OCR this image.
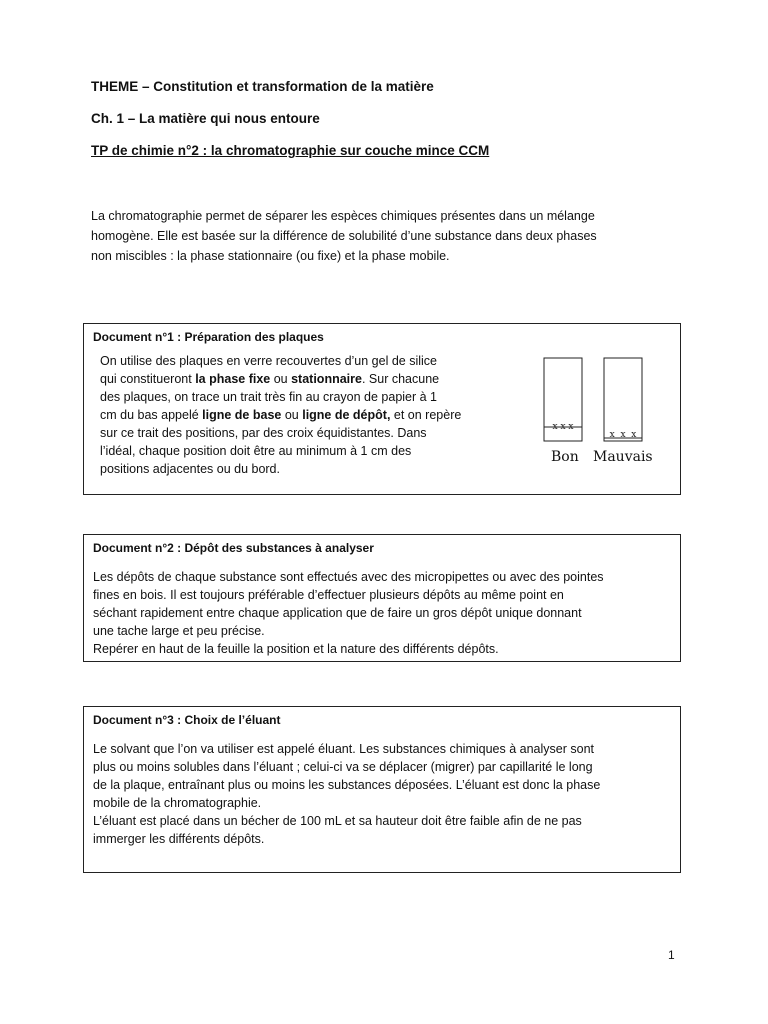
THEME – Constitution et transformation de la matière
Ch. 1 – La matière qui nous entoure
TP de chimie n°2 : la chromatographie sur couche mince CCM
La chromatographie permet de séparer les espèces chimiques présentes dans un mélange
homogène. Elle est basée sur la différence de solubilité d’une substance dans deux phases
non miscibles : la phase stationnaire (ou fixe) et la phase mobile.
Document n°1 : Préparation des plaques
On utilise des plaques en verre recouvertes d’un gel de silice
qui constitueront la phase fixe ou stationnaire. Sur chacune
des plaques, on trace un trait très fin au crayon de papier à 1
cm du bas appelé ligne de base ou ligne de dépôt, et on repère
sur ce trait des positions, par des croix équidistantes. Dans
l’idéal, chaque position doit être au minimum à 1 cm des
positions adjacentes ou du bord.
x x x
x  x  x
Bon Mauvais
Document n°2 : Dépôt des substances à analyser
Les dépôts de chaque substance sont effectués avec des micropipettes ou avec des pointes
fines en bois. Il est toujours préférable d’effectuer plusieurs dépôts au même point en
séchant rapidement entre chaque application que de faire un gros dépôt unique donnant
une tache large et peu précise.
Repérer en haut de la feuille la position et la nature des différents dépôts.
Document n°3 : Choix de l’éluant
Le solvant que l’on va utiliser est appelé éluant. Les substances chimiques à analyser sont
plus ou moins solubles dans l’éluant ; celui-ci va se déplacer (migrer) par capillarité le long
de la plaque, entraînant plus ou moins les substances déposées. L’éluant est donc la phase
mobile de la chromatographie.
L’éluant est placé dans un bécher de 100 mL et sa hauteur doit être faible afin de ne pas
immerger les différents dépôts.
1
